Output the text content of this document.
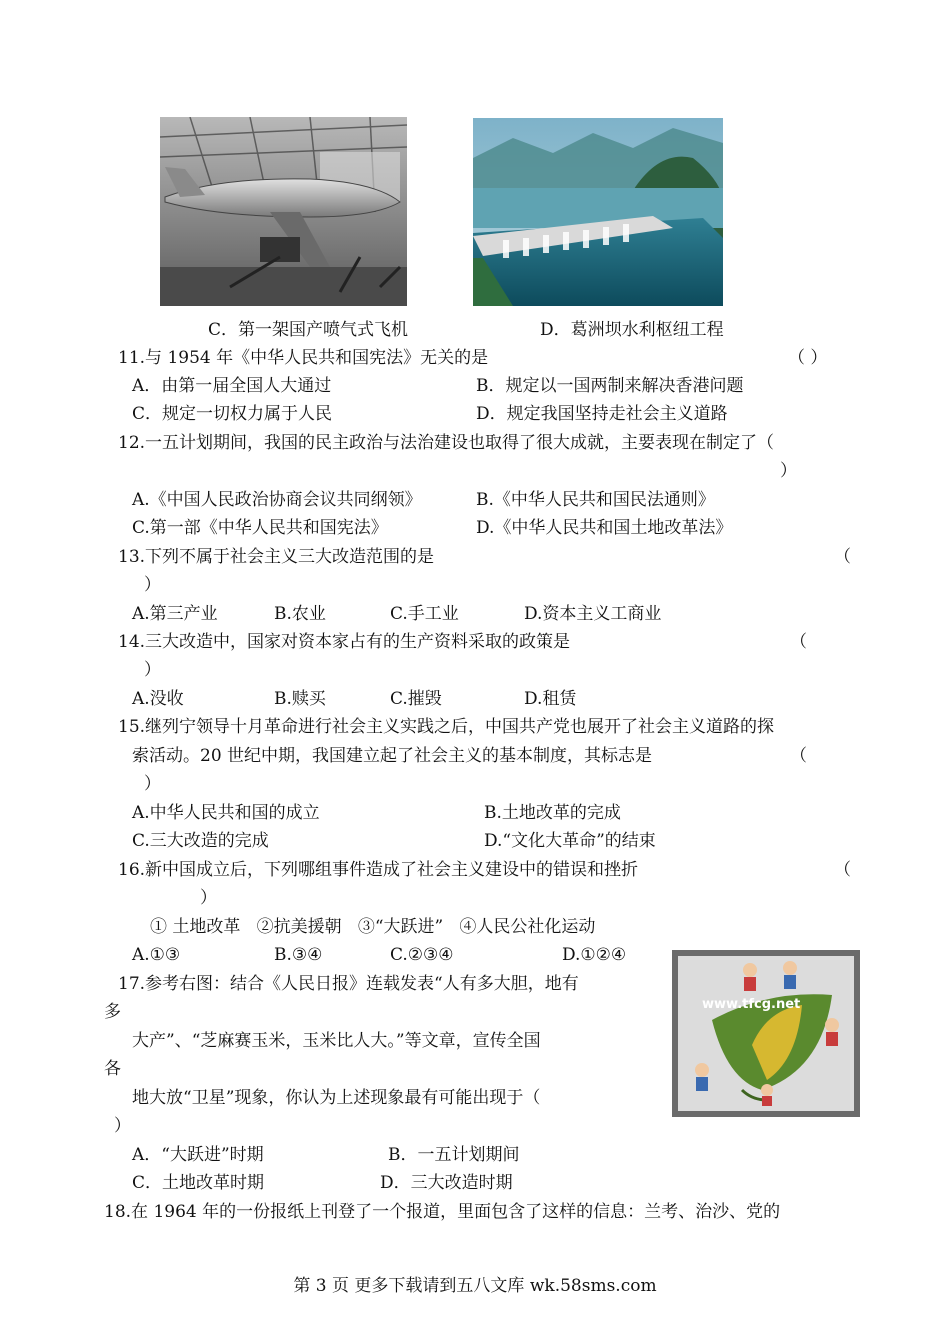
C．第一架国产喷气式飞机	D．葛洲坝水利枢纽工程
11.与 1954 年《中华人民共和国宪法》无关的是	（ ）
A．由第一届全国人大通过	B．规定以一国两制来解决香港问题
C．规定一切权力属于人民	D．规定我国坚持走社会主义道路
12.一五计划期间，我国的民主政治与法治建设也取得了很大成就，主要表现在制定了（
）
A.《中国人民政治协商会议共同纲领》	B.《中华人民共和国民法通则》
C.第一部《中华人民共和国宪法》	D.《中华人民共和国土地改革法》
13.下列不属于社会主义三大改造范围的是	（
）
A.第三产业	B.农业	C.手工业	D.资本主义工商业
14.三大改造中，国家对资本家占有的生产资料采取的政策是	（
）
A.没收	B.赎买	C.摧毁	D.租赁
15.继列宁领导十月革命进行社会主义实践之后，中国共产党也展开了社会主义道路的探
索活动。20 世纪中期，我国建立起了社会主义的基本制度，其标志是	（
）
A.中华人民共和国的成立	B.土地改革的完成
C.三大改造的完成	D.“文化大革命”的结束
16.新中国成立后，下列哪组事件造成了社会主义建设中的错误和挫折	（
）
① 土地改革   ②抗美援朝   ③“大跃进”   ④人民公社化运动
A.①③	B.③④	C.②③④	D.①②④
www.tfcg.net
17.参考右图：结合《人民日报》连载发表“人有多大胆，地有
多
大产”、“芝麻赛玉米，玉米比人大。”等文章，宣传全国
各
地大放“卫星”现象，你认为上述现象最有可能出现于（
）
A．“大跃进”时期	B．一五计划期间
C．土地改革时期	D．三大改造时期
18.在 1964 年的一份报纸上刊登了一个报道，里面包含了这样的信息：兰考、治沙、党的
第 3 页 更多下载请到五八文库 wk.58sms.com
